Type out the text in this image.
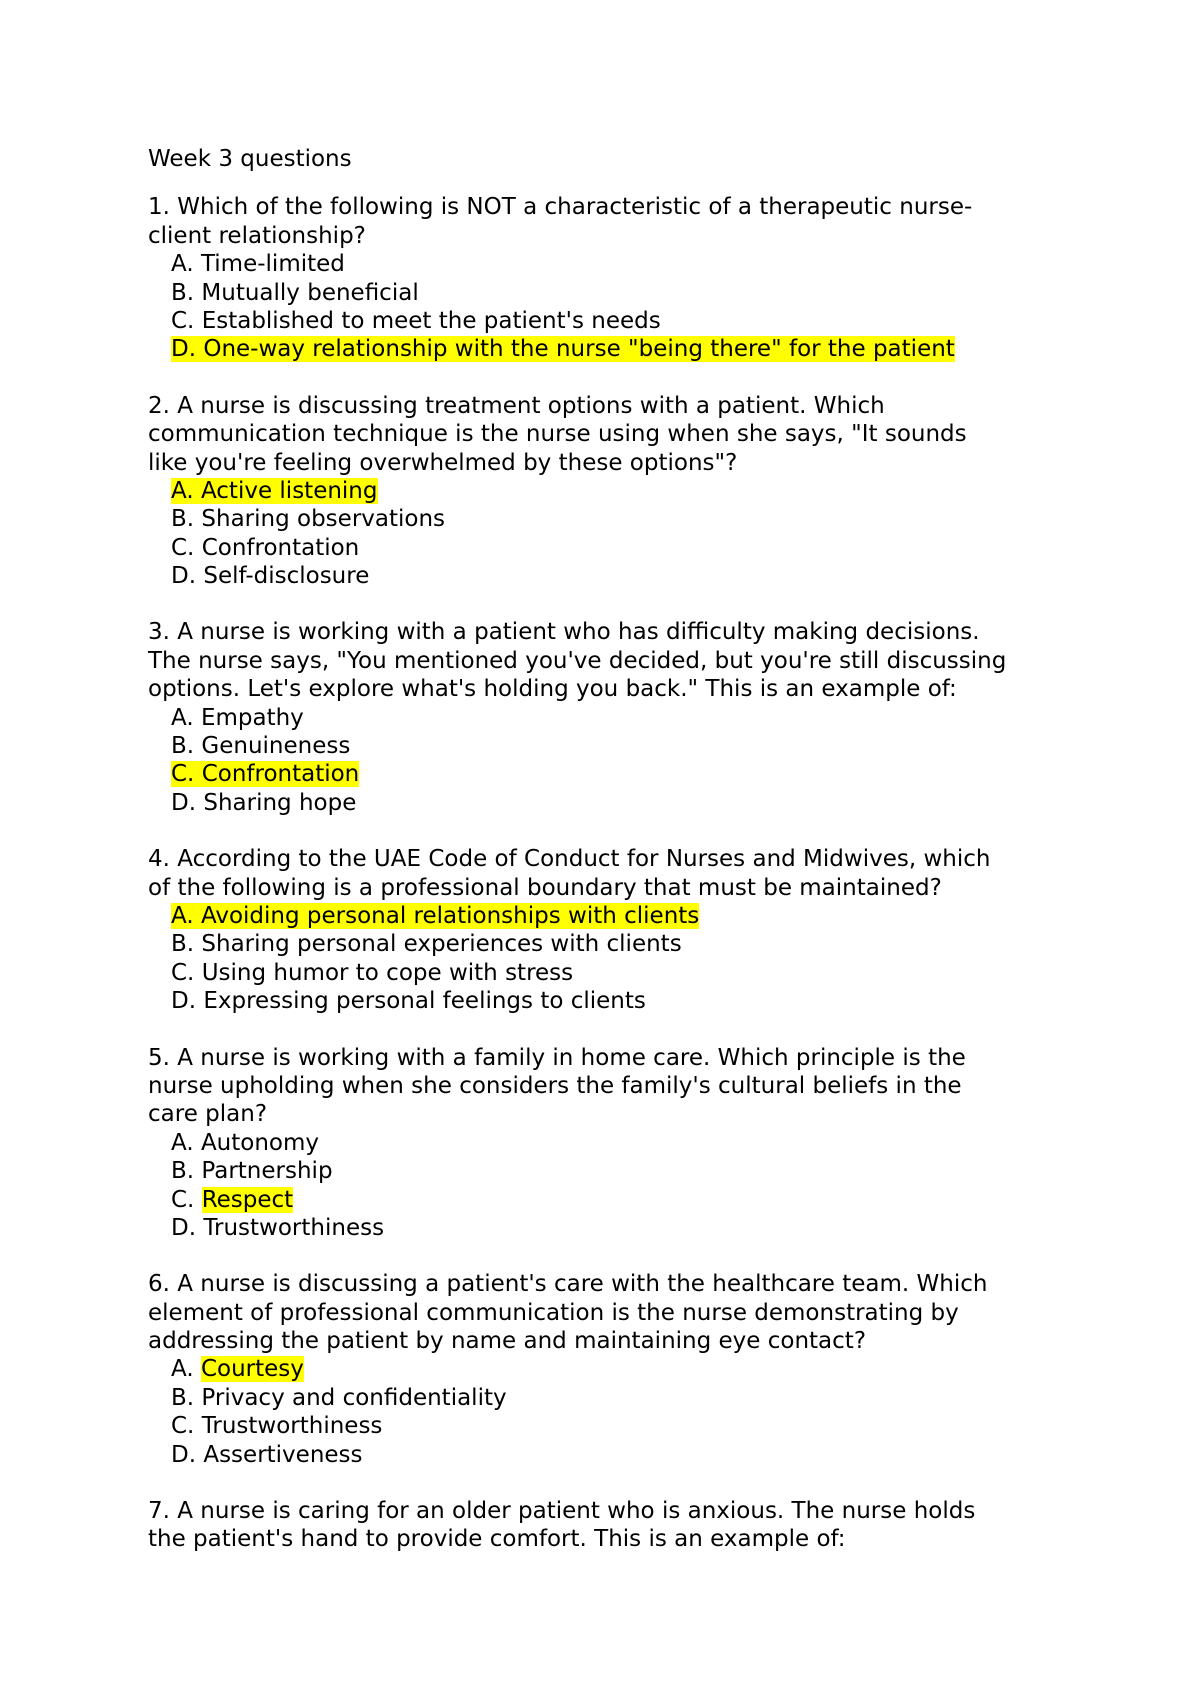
Week 3 questions

1. Which of the following is NOT a characteristic of a therapeutic nurse-

client relationship?

A. Time-limited

B. Mutually beneficial

C. Established to meet the patient's needs

D. One-way relationship with the nurse "being there" for the patient

2. A nurse is discussing treatment options with a patient. Which

communication technique is the nurse using when she says, "It sounds

like you're feeling overwhelmed by these options"?

A. Active listening

B. Sharing observations

C. Confrontation

D. Self-disclosure

3. A nurse is working with a patient who has difficulty making decisions.

The nurse says, "You mentioned you've decided, but you're still discussing

options. Let's explore what's holding you back." This is an example of:

A. Empathy

B. Genuineness

C. Confrontation

D. Sharing hope

4. According to the UAE Code of Conduct for Nurses and Midwives, which

of the following is a professional boundary that must be maintained?

A. Avoiding personal relationships with clients

B. Sharing personal experiences with clients

C. Using humor to cope with stress

D. Expressing personal feelings to clients

5. A nurse is working with a family in home care. Which principle is the

nurse upholding when she considers the family's cultural beliefs in the

care plan?

A. Autonomy

B. Partnership

C. Respect

D. Trustworthiness

6. A nurse is discussing a patient's care with the healthcare team. Which

element of professional communication is the nurse demonstrating by

addressing the patient by name and maintaining eye contact?

A. Courtesy

B. Privacy and confidentiality

C. Trustworthiness

D. Assertiveness

7. A nurse is caring for an older patient who is anxious. The nurse holds

the patient's hand to provide comfort. This is an example of:
